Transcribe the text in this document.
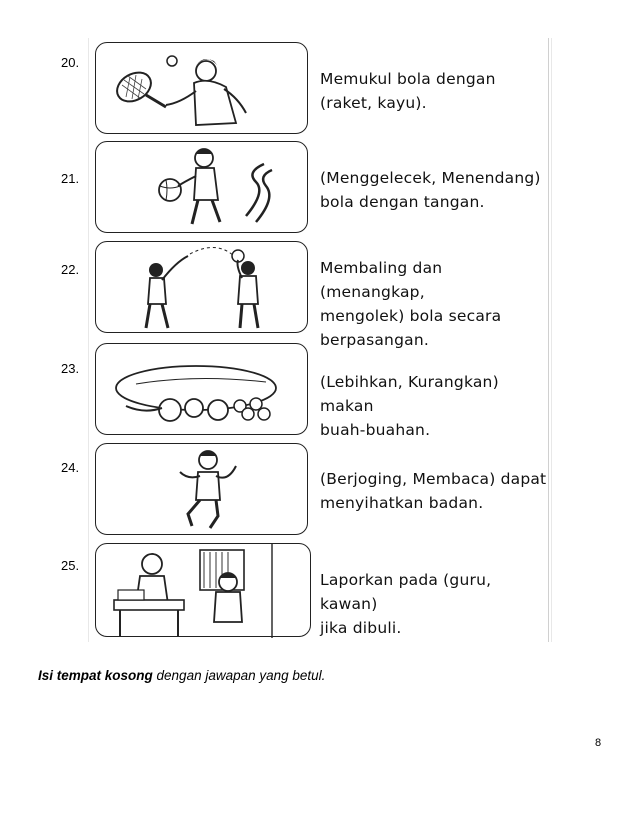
20.
Memukul bola dengan
(raket, kayu).
21.	(Menggelecek, Menendang)
bola dengan tangan.
22.	Membaling dan (menangkap,
mengolek) bola secara
berpasangan.
23.
(Lebihkan, Kurangkan) makan
buah-buahan.
24.
(Berjoging, Membaca) dapat
menyihatkan badan.
25.
Laporkan pada (guru, kawan)
jika dibuli.
Isi tempat kosong dengan jawapan yang betul.
8
